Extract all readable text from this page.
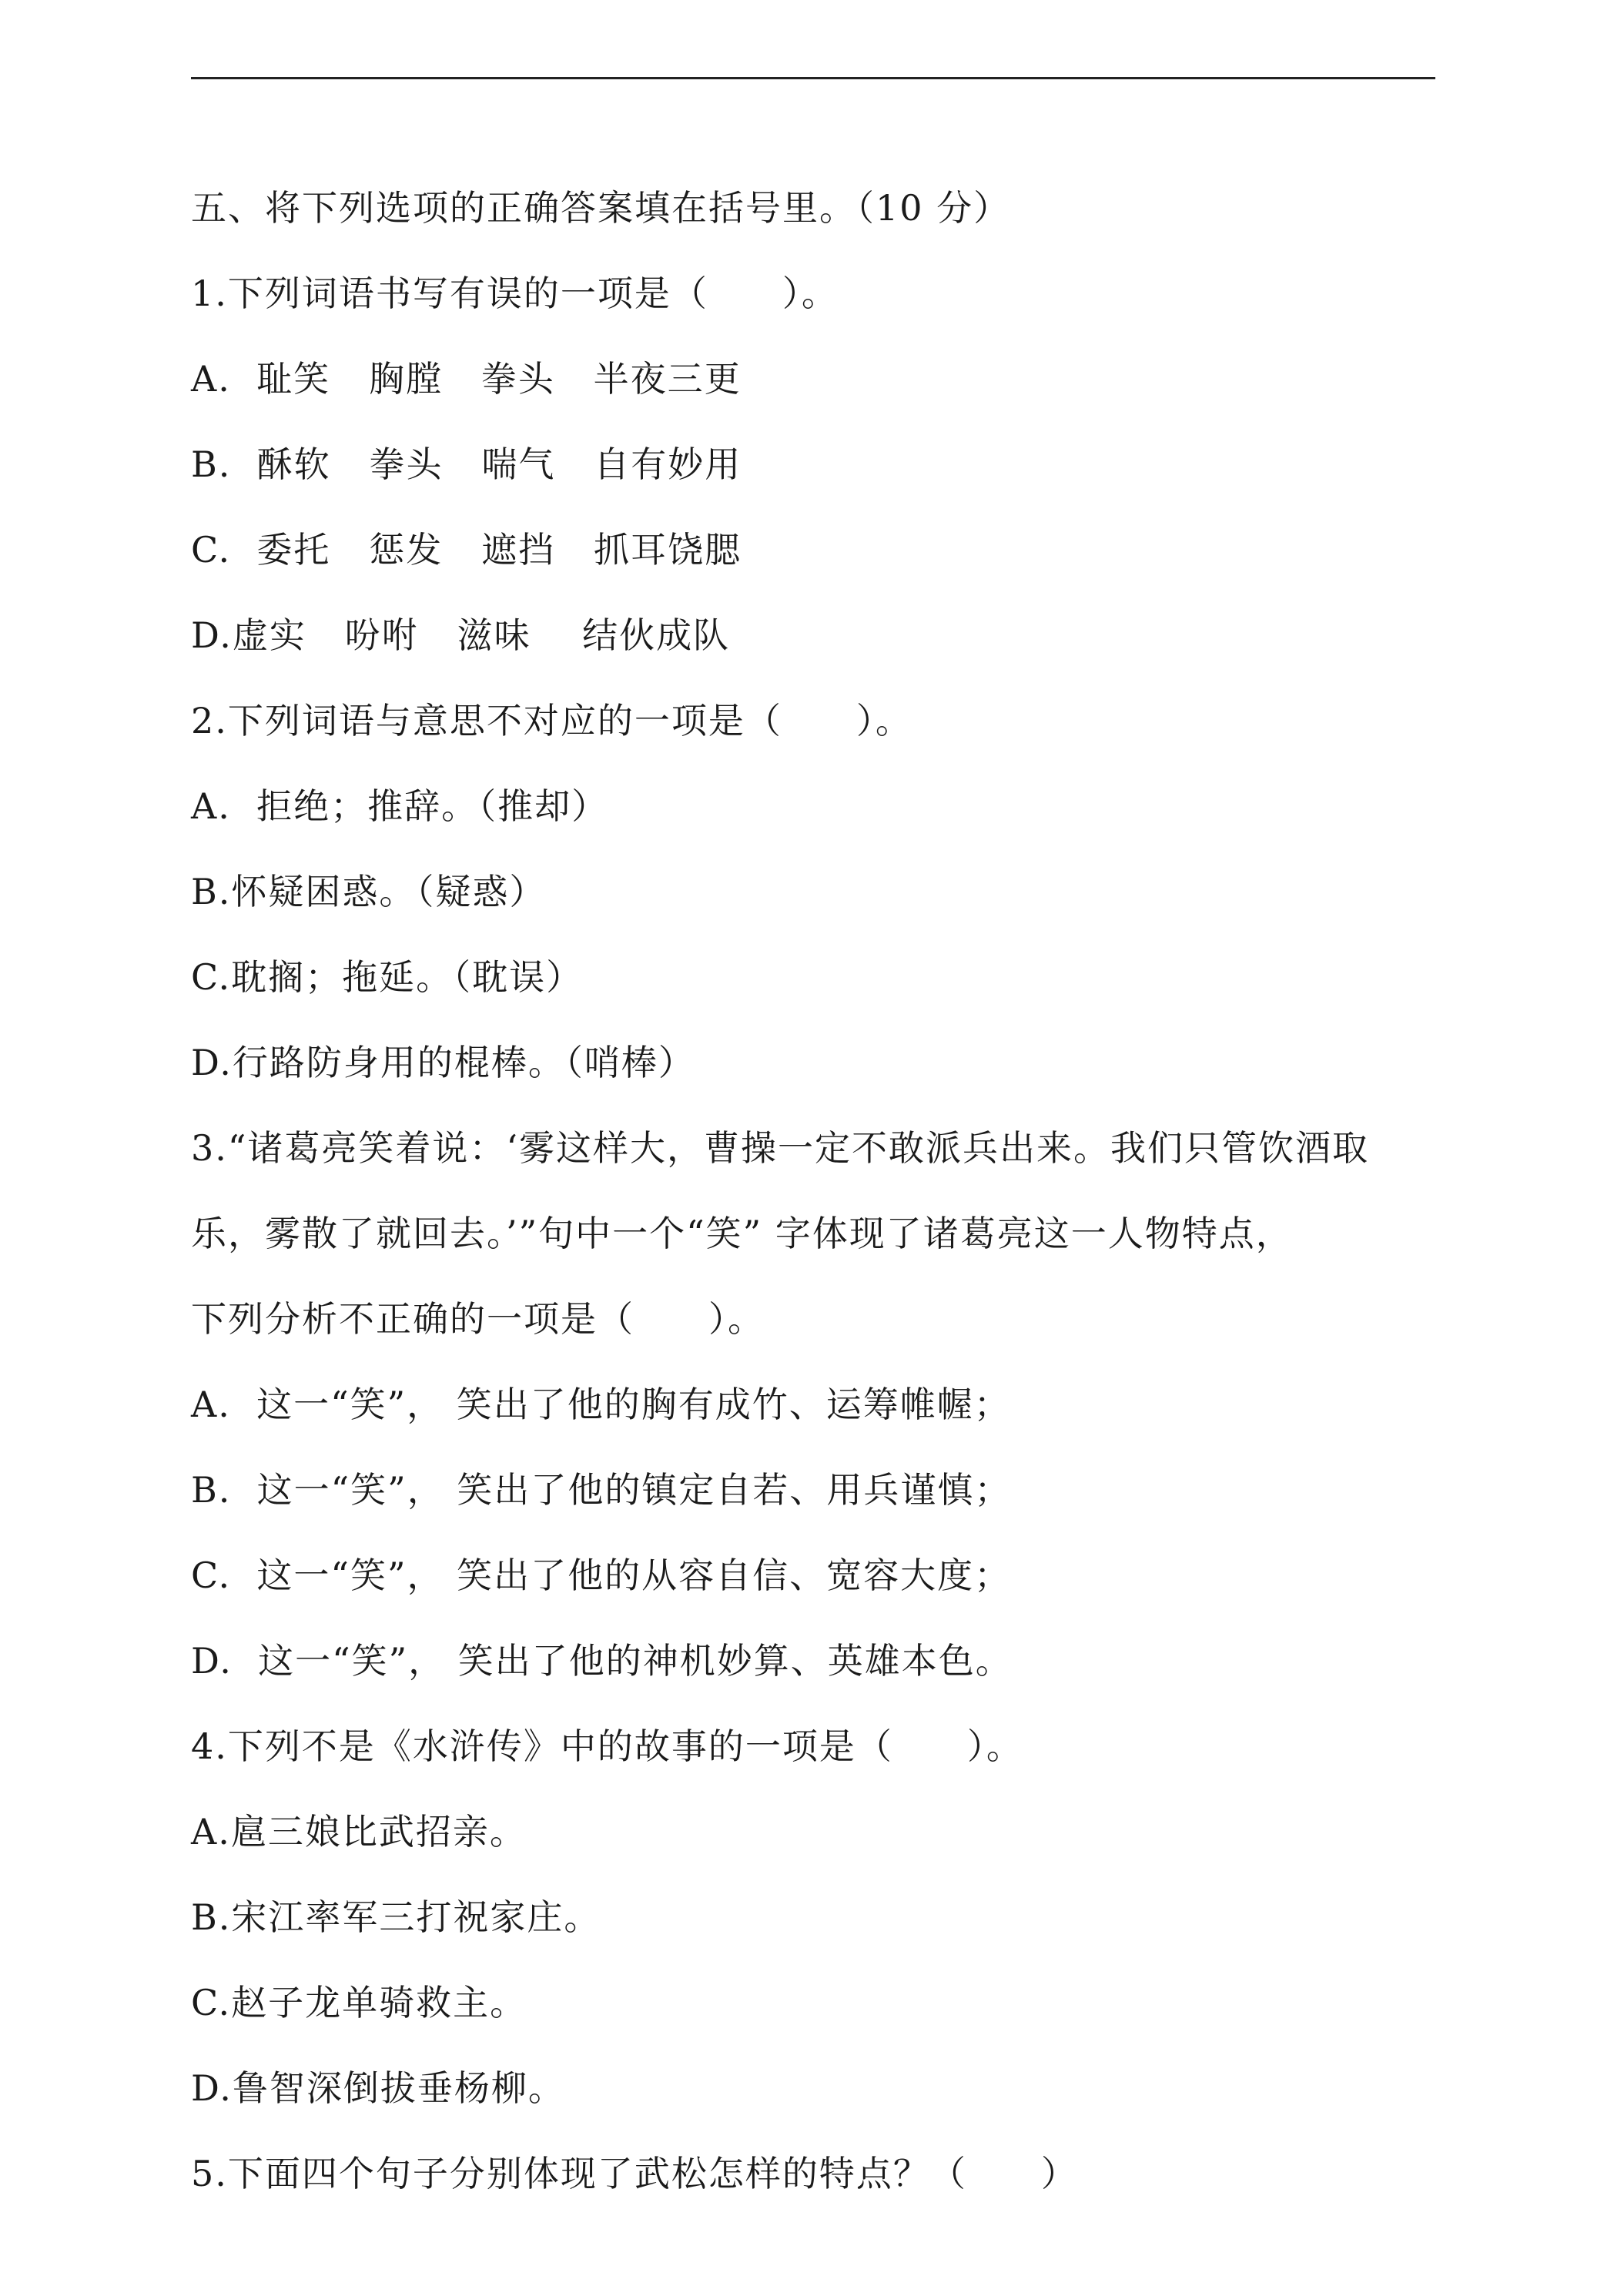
五、将下列选项的正确答案填在括号里。（10 分）
1.下列词语书写有误的一项是（　　）。
A.  耻笑   胸膛   拳头   半夜三更
B.  酥软   拳头   喘气   自有妙用
C.  委托   惩发   遮挡   抓耳饶腮
D.虚实   吩咐   滋味    结伙成队
2.下列词语与意思不对应的一项是（　　）。
A.  拒绝；推辞。（推却）
B.怀疑困惑。（疑惑）
C.耽搁；拖延。（耽误）
D.行路防身用的棍棒。（哨棒）
3.“诸葛亮笑着说：‘雾这样大，曹操一定不敢派兵出来。我们只管饮酒取
乐，雾散了就回去。’”句中一个“笑” 字体现了诸葛亮这一人物特点，
下列分析不正确的一项是（　　）。
A.  这一“笑”， 笑出了他的胸有成竹、运筹帷幄；
B.  这一“笑”， 笑出了他的镇定自若、用兵谨慎；
C.  这一“笑”， 笑出了他的从容自信、宽容大度；
D.  这一“笑”， 笑出了他的神机妙算、英雄本色。
4.下列不是《水浒传》中的故事的一项是（　　）。
A.扈三娘比武招亲。
B.宋江率军三打祝家庄。
C.赵子龙单骑救主。
D.鲁智深倒拔垂杨柳。
5.下面四个句子分别体现了武松怎样的特点？（　　）
